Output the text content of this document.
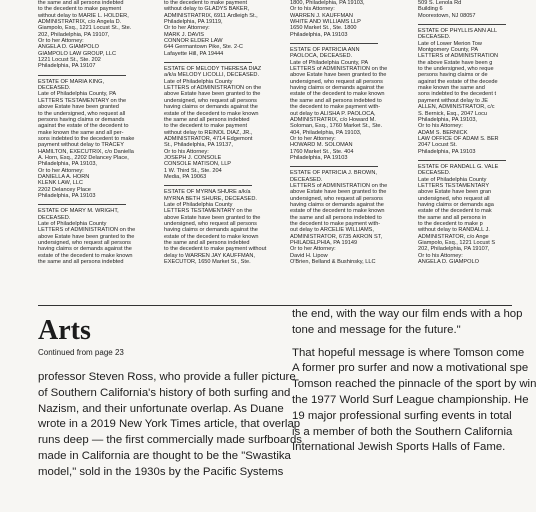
the same and all persons indebted
to the decedent to make payment
without delay to MARIE L. HOLDER,
ADMINISTRATRIX, c/o Angela D.
Giampolo, Esq., 1221 Locust St., Ste.
202, Philadelphia, PA 19107,
Or to her Attorney:
ANGELA D. GIAMPOLO
GIAMPOLO LAW GROUP, LLC
1221 Locust St., Ste. 202
Philadelphia, PA 19107
ESTATE OF MARIA KING,
DECEASED.
Late of Philadelphia County, PA
LETTERS TESTAMENTARY on the
above Estate have been granted
to the undersigned, who request all
persons having claims or demands
against the estate of the decedent to
make known the same and all per-
sons indebted to the decedent to make
payment without delay to TRACEY
HAMILTON, EXECUTRIX, c/o Daniella
A. Horn, Esq., 2202 Delancey Place,
Philadelphia, PA 19103,
Or to her Attorney:
DANIELLA A. HORN
KLENK LAW, LLC
2202 Delancey Place
Philadelphia, PA 19103
ESTATE OF MARY M. WRIGHT,
DECEASED.
Late of Philadelphia County
LETTERS of ADMINISTRATION on the
above Estate have been granted to the
undersigned, who request all persons
having claims or demands against the
estate of the decedent to make known
the same and all persons indebted
to the decedent to make payment
without delay to GLADYS BAKER,
ADMINISTRATRIX, 6911 Ardleigh St.,
Philadelphia, PA 19119,
Or to her Attorney:
MARK J. DAVIS
CONNOR ELDER LAW
644 Germantown Pike, Ste. 2-C
Lafayette Hill, PA 19444
ESTATE OF MELODY THERESA DIAZ
a/k/a MELODY LICOLLI, DECEASED.
Late of Philadelphia County
LETTERS of ADMINISTRATION on the
above Estate have been granted to the
undersigned, who request all persons
having claims or demands against the
estate of the decedent to make known
the same and all persons indebted
to the decedent to make payment
without delay to REINOL DIAZ, JR.,
ADMINISTRATOR, 4714 Edgemont
St., Philadelphia, PA 19137,
Or to his Attorney:
JOSEPH J. CONSOLE
CONSOLE MATISON, LLP
1 W. Third St., Ste. 204
Media, PA 19063
ESTATE OF MYRNA SHURE a/k/a
MYRNA BETH SHURE, DECEASED.
Late of Philadelphia County
LETTERS TESTAMENTARY on the
above Estate have been granted to the
undersigned, who request all persons
having claims or demands against the
estate of the decedent to make known
the same and all persons indebted
to the decedent to make payment without
delay to WARREN JAY KAUFFMAN,
EXECUTOR, 1650 Market St., Ste.
1800, Philadelphia, PA 19103,
Or to his Attorney:
WARREN J. KAUFFMAN
WHITE AND WILLIAMS LLP
1650 Market St., Ste. 1800
Philadelphia, PA 19103
ESTATE OF PATRICIA ANN
PAOLOCA, DECEASED.
Late of Philadelphia County, PA
LETTERS of ADMINISTRATION on the
above Estate have been granted to the
undersigned, who request all persons
having claims or demands against the
estate of the decedent to make known
the same and all persons indebted to
the decedent to make payment with-
out delay to ALISHA P. PAOLOCA,
ADMINISTRATRIX, c/o Howard M.
Soloman, Esq., 1760 Market St., Ste.
404, Philadelphia, PA 19103,
Or to her Attorney:
HOWARD M. SOLOMAN
1760 Market St., Ste. 404
Philadelphia, PA 19103
ESTATE OF PATRICIA J. BROWN,
DECEASED.
LETTERS of ADMINISTRATION on the
above Estate have been granted to the
undersigned, who request all persons
having claims or demands against the
estate of the decedent to make known
the same and all persons indebted to
the decedent to make payment with-
out delay to ARCELIE WILLIAMS,
ADMINISTRATOR, 6735 AKRON ST,
PHILADELPHIA, PA 19149
Or to her Attorney:
David H. Lipow
O'Brien, Belland & Bushinsky, LLC
509 S. Lenola Rd
Building 6
Moorestown, NJ 08057
ESTATE OF PHYLLIS ANN ALL
DECEASED.
Late of Lower Merion Tow
Montgomery County, PA
LETTERS of ADMINISTRATION
the above Estate have been g
to the undersigned, who reque
persons having claims or de
against the estate of the decede
make known the same and
sons indebted to the decedent t
payment without delay to JE
ALLEN, ADMINISTRATOR, c/c
S. Bernick, Esq., 2047 Locu
Philadelphia, PA 19103,
Or to his Attorney:
ADAM S. BERNICK
LAW OFFICE OF ADAM S. BER
2047 Locust St.
Philadelphia, PA 19103
ESTATE OF RANDALL G. VALE
DECEASED.
Late of Philadelphia County
LETTERS TESTAMENTARY
above Estate have been gran
undersigned, who request all
having claims or demands aga
estate of the decedent to mak
the same and all persons in
to the decedent to make p
without delay to RANDALL J.
ADMINISTRATOR, c/o Ange
Giampolo, Esq., 1221 Locust S
202, Philadelphia, PA 19107,
Or to his Attorney:
ANGELA D. GIAMPOLO
Arts
Continued from page 23
professor Steven Ross, who provide a fuller picture
of Southern California's history of both surfing and
Nazism, and their unfortunate overlap. As Duane
wrote in a 2019 New York Times article, that overlap
runs deep — the first commercially made surfboards
made in California are thought to be the "Swastika
model," sold in the 1930s by the Pacific Systems
the end, with the way our film ends with a hop
tone and message for the future."
That hopeful message is where Tomson come
A former pro surfer and now a motivational spe
Tomson reached the pinnacle of the sport by win
the 1977 World Surf League championship. He
19 major professional surfing events in total
is a member of both the Southern California
International Jewish Sports Halls of Fame.
